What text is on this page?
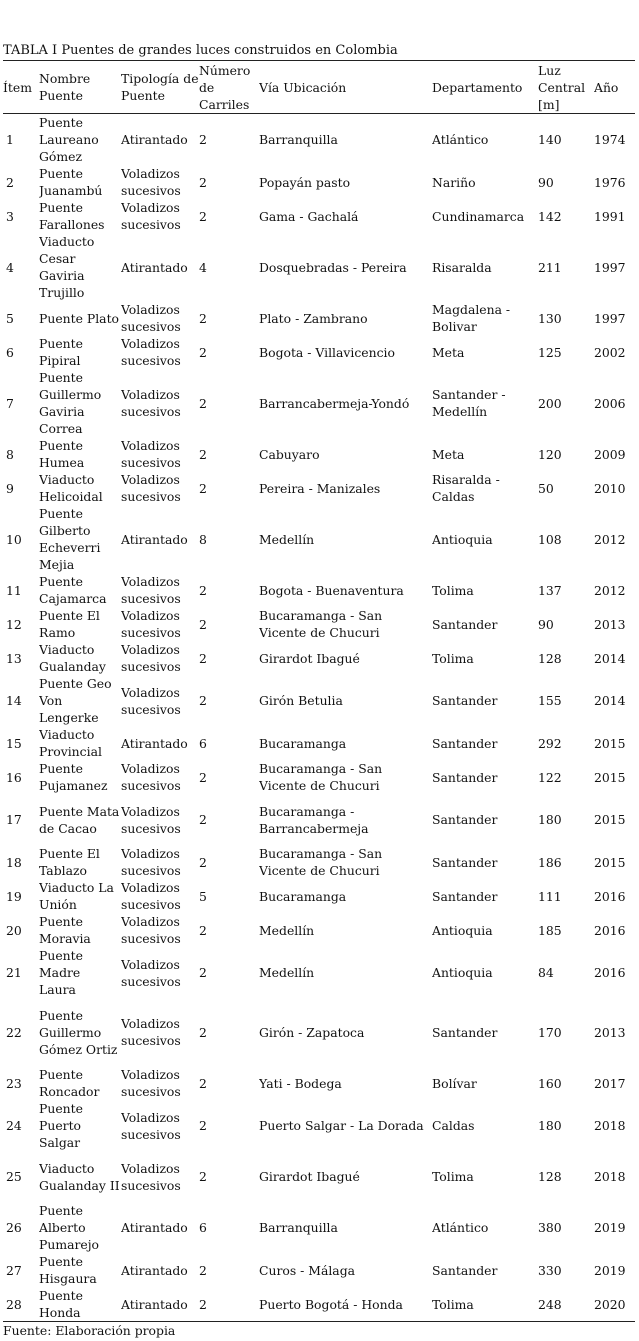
TABLA I Puentes de grandes luces construidos en Colombia
Ítem	Nombre Puente	Tipología de Puente	Número de Carriles	Vía Ubicación	Departamento	Luz Central [m]	Año
1	Puente Laureano Gómez	Atirantado	2	Barranquilla	Atlántico	140	1974
2	Puente Juanambú	Voladizos sucesivos	2	Popayán pasto	Nariño	90	1976
3	Puente Farallones	Voladizos sucesivos	2	Gama - Gachalá	Cundinamarca	142	1991
4	Viaducto Cesar Gaviria Trujillo	Atirantado	4	Dosquebradas - Pereira	Risaralda	211	1997
5	Puente Plato	Voladizos sucesivos	2	Plato - Zambrano	Magdalena - Bolivar	130	1997
6	Puente Pipiral	Voladizos sucesivos	2	Bogota - Villavicencio	Meta	125	2002
7	Puente Guillermo Gaviria Correa	Voladizos sucesivos	2	Barrancabermeja-Yondó	Santander - Medellín	200	2006
8	Puente Humea	Voladizos sucesivos	2	Cabuyaro	Meta	120	2009
9	Viaducto Helicoidal	Voladizos sucesivos	2	Pereira - Manizales	Risaralda - Caldas	50	2010
10	Puente Gilberto Echeverri Mejia	Atirantado	8	Medellín	Antioquia	108	2012
11	Puente Cajamarca	Voladizos sucesivos	2	Bogota - Buenaventura	Tolima	137	2012
12	Puente El Ramo	Voladizos sucesivos	2	Bucaramanga - San Vicente de Chucuri	Santander	90	2013
13	Viaducto Gualanday	Voladizos sucesivos	2	Girardot Ibagué	Tolima	128	2014
14	Puente Geo Von Lengerke	Voladizos sucesivos	2	Girón Betulia	Santander	155	2014
15	Viaducto Provincial	Atirantado	6	Bucaramanga	Santander	292	2015
16	Puente Pujamanez	Voladizos sucesivos	2	Bucaramanga - San Vicente de Chucuri	Santander	122	2015
17	Puente Mata de Cacao	Voladizos sucesivos	2	Bucaramanga - Barrancabermeja	Santander	180	2015
18	Puente El Tablazo	Voladizos sucesivos	2	Bucaramanga - San Vicente de Chucuri	Santander	186	2015
19	Viaducto La Unión	Voladizos sucesivos	5	Bucaramanga	Santander	111	2016
20	Puente Moravia	Voladizos sucesivos	2	Medellín	Antioquia	185	2016
21	Puente Madre Laura	Voladizos sucesivos	2	Medellín	Antioquia	84	2016
22	Puente Guillermo Gómez Ortiz	Voladizos sucesivos	2	Girón - Zapatoca	Santander	170	2013
23	Puente Roncador	Voladizos sucesivos	2	Yati - Bodega	Bolívar	160	2017
24	Puente Puerto Salgar	Voladizos sucesivos	2	Puerto Salgar - La Dorada	Caldas	180	2018
25	Viaducto Gualanday II	Voladizos sucesivos	2	Girardot Ibagué	Tolima	128	2018
26	Puente Alberto Pumarejo	Atirantado	6	Barranquilla	Atlántico	380	2019
27	Puente Hisgaura	Atirantado	2	Curos - Málaga	Santander	330	2019
28	Puente Honda	Atirantado	2	Puerto Bogotá - Honda	Tolima	248	2020
Fuente: Elaboración propia
